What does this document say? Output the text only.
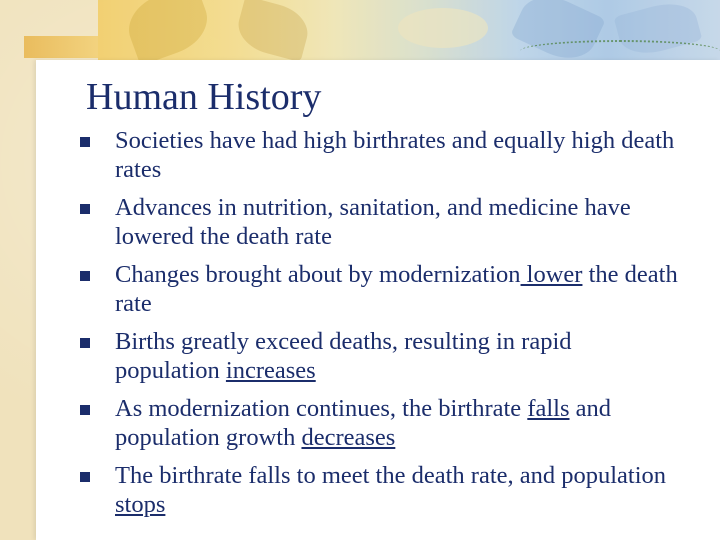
Human History
Societies have had high birthrates and equally high death rates
Advances in nutrition, sanitation, and medicine have lowered the death rate
Changes brought about by modernization lower the death rate
Births greatly exceed deaths, resulting in rapid population increases
As modernization continues, the birthrate falls and population growth decreases
The birthrate falls to meet the death rate, and population stops
